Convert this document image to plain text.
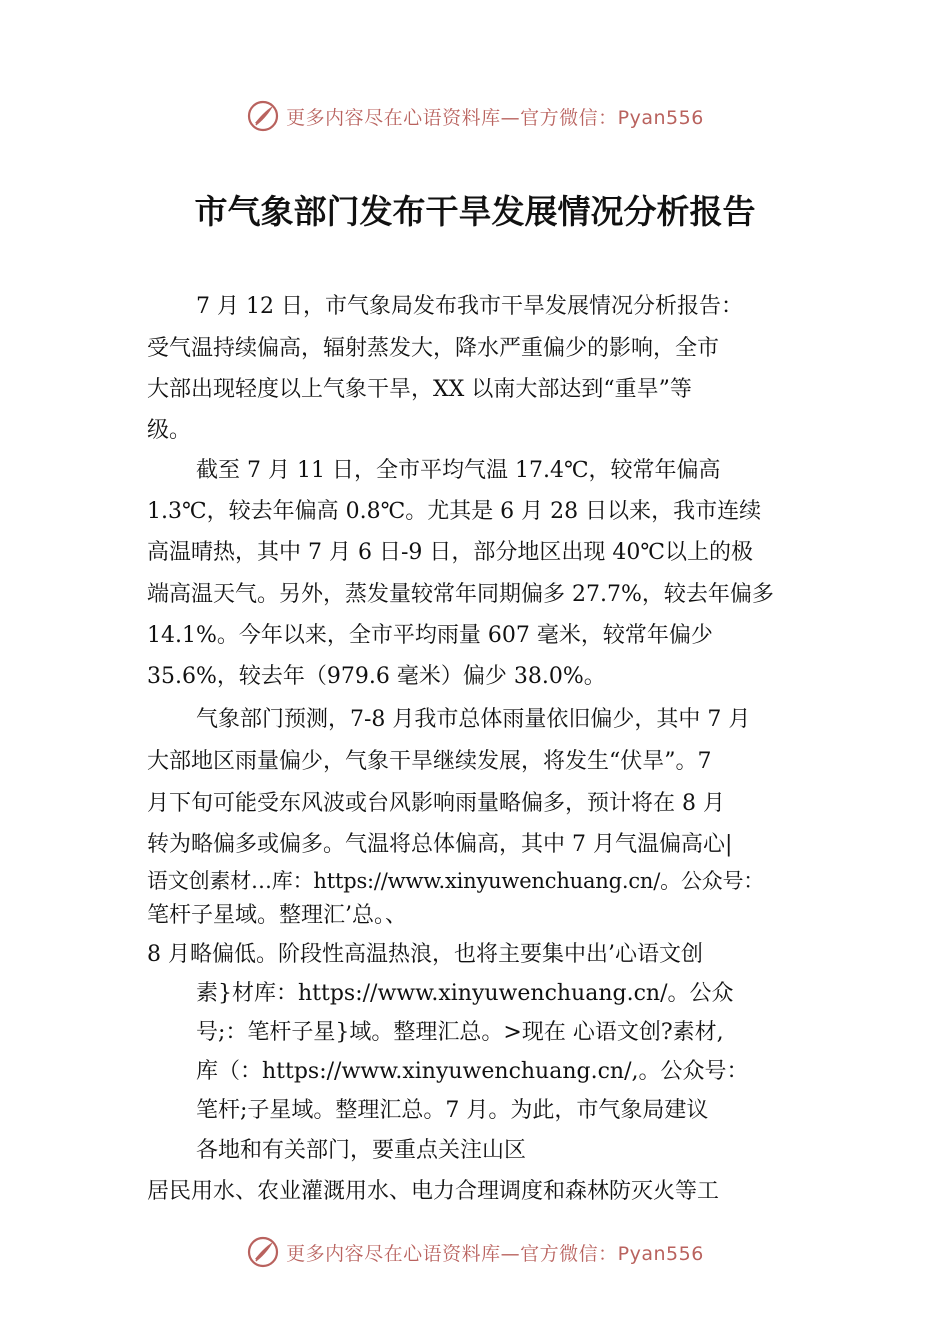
更多内容尽在心语资料库—官方微信：Pyan556
市气象部门发布干旱发展情况分析报告
7 月 12 日，市气象局发布我市干旱发展情况分析报告：
受气温持续偏高，辐射蒸发大，降水严重偏少的影响，全市
大部出现轻度以上气象干旱，XX 以南大部达到“重旱”等
级。
截至 7 月 11 日，全市平均气温 17.4℃，较常年偏高
1.3℃，较去年偏高 0.8℃。尤其是 6 月 28 日以来，我市连续
高温晴热，其中 7 月 6 日-9 日，部分地区出现 40℃以上的极
端高温天气。另外，蒸发量较常年同期偏多 27.7%，较去年偏多
14.1%。今年以来，全市平均雨量 607 毫米，较常年偏少
35.6%，较去年（979.6 毫米）偏少 38.0%。
气象部门预测，7-8 月我市总体雨量依旧偏少，其中 7 月
大部地区雨量偏少，气象干旱继续发展，将发生“伏旱”。7
月下旬可能受东风波或台风影响雨量略偏多，预计将在 8 月
转为略偏多或偏多。气温将总体偏高，其中 7 月气温偏高心|
语文创素材…库：https://www.xinyuwenchuang.cn/。公众号：
笔杆子星域。整理汇’总。、
8 月略偏低。阶段性高温热浪，也将主要集中出’心语文创
素}材库：https://www.xinyuwenchuang.cn/。公众
号;：笔杆子星}域。整理汇总。>现在 心语文创?素材,
库（：https://www.xinyuwenchuang.cn/,。公众号：
笔杆;子星域。整理汇总。7 月。为此，市气象局建议
各地和有关部门，要重点关注山区
居民用水、农业灌溉用水、电力合理调度和森林防灭火等工
更多内容尽在心语资料库—官方微信：Pyan556
